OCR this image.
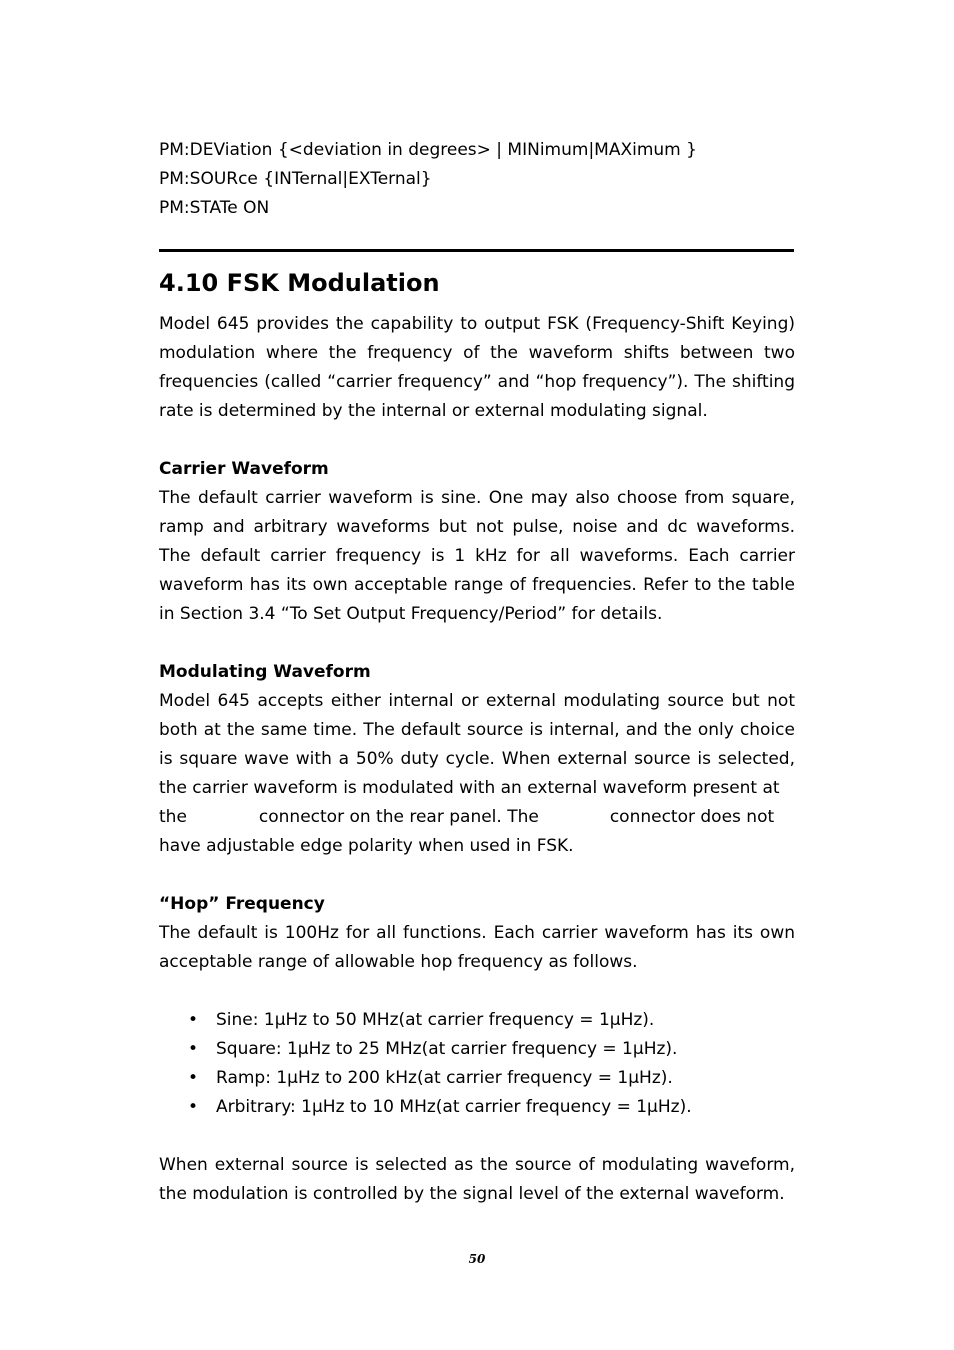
PM:DEViation {<deviation in degrees> | MINimum|MAXimum }
PM:SOURce {INTernal|EXTernal}
PM:STATe ON
4.10 FSK Modulation

Model 645 provides the capability to output FSK (Frequency-Shift Keying) modulation where the frequency of the waveform shifts between two frequencies (called “carrier frequency” and “hop frequency”). The shifting rate is determined by the internal or external modulating signal.

Carrier Waveform

The default carrier waveform is sine. One may also choose from square, ramp and arbitrary waveforms but not pulse, noise and dc waveforms. The default carrier frequency is 1 kHz for all waveforms. Each carrier waveform has its own acceptable range of frequencies. Refer to the table in Section 3.4 “To Set Output Frequency/Period” for details.

Modulating Waveform

Model 645 accepts either internal or external modulating source but not both at the same time. The default source is internal, and the only choice is square wave with a 50% duty cycle. When external source is selected, the carrier waveform is modulated with an external waveform present at

the	connector on the rear panel. The	connector does not

have adjustable edge polarity when used in FSK.

“Hop” Frequency

The default is 100Hz for all functions. Each carrier waveform has its own acceptable range of allowable hop frequency as follows.

• Sine: 1μHz to 50 MHz(at carrier frequency = 1μHz).
• Square: 1μHz to 25 MHz(at carrier frequency = 1μHz).
• Ramp: 1μHz to 200 kHz(at carrier frequency = 1μHz).
• Arbitrary: 1μHz to 10 MHz(at carrier frequency = 1μHz).

When external source is selected as the source of modulating waveform, the modulation is controlled by the signal level of the external waveform.

50
